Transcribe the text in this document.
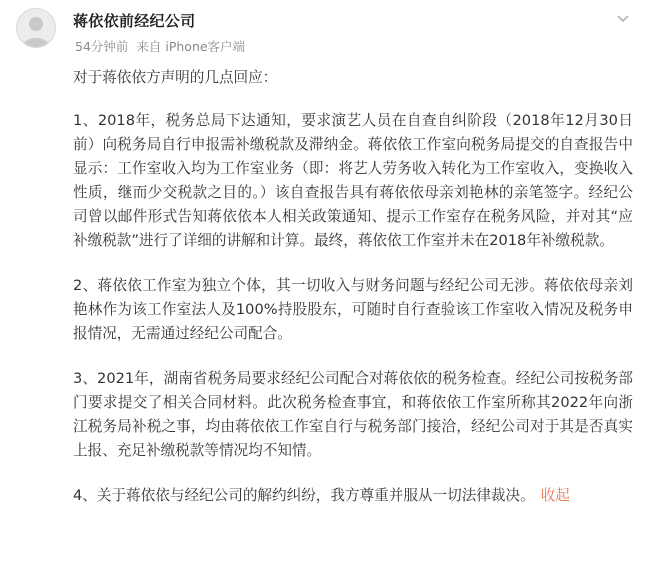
蒋依依前经纪公司
54分钟前 来自 iPhone客户端

对于蒋依依方声明的几点回应：

1、2018年，税务总局下达通知，要求演艺人员在自查自纠阶段（2018年12月30日前）向税务局自行申报需补缴税款及滞纳金。蒋依依工作室向税务局提交的自查报告中显示：工作室收入均为工作室业务（即：将艺人劳务收入转化为工作室收入，变换收入性质，继而少交税款之目的。）该自查报告具有蒋依依母亲刘艳林的亲笔签字。经纪公司曾以邮件形式告知蒋依依本人相关政策通知、提示工作室存在税务风险，并对其“应补缴税款”进行了详细的讲解和计算。最终，蒋依依工作室并未在2018年补缴税款。

2、蒋依依工作室为独立个体，其一切收入与财务问题与经纪公司无涉。蒋依依母亲刘艳林作为该工作室法人及100%持股股东，可随时自行查验该工作室收入情况及税务申报情况，无需通过经纪公司配合。

3、2021年，湖南省税务局要求经纪公司配合对蒋依依的税务检查。经纪公司按税务部门要求提交了相关合同材料。此次税务检查事宜，和蒋依依工作室所称其2022年向浙江税务局补税之事，均由蒋依依工作室自行与税务部门接洽，经纪公司对于其是否真实上报、充足补缴税款等情况均不知情。

4、关于蒋依依与经纪公司的解约纠纷，我方尊重并服从一切法律裁决。 收起
